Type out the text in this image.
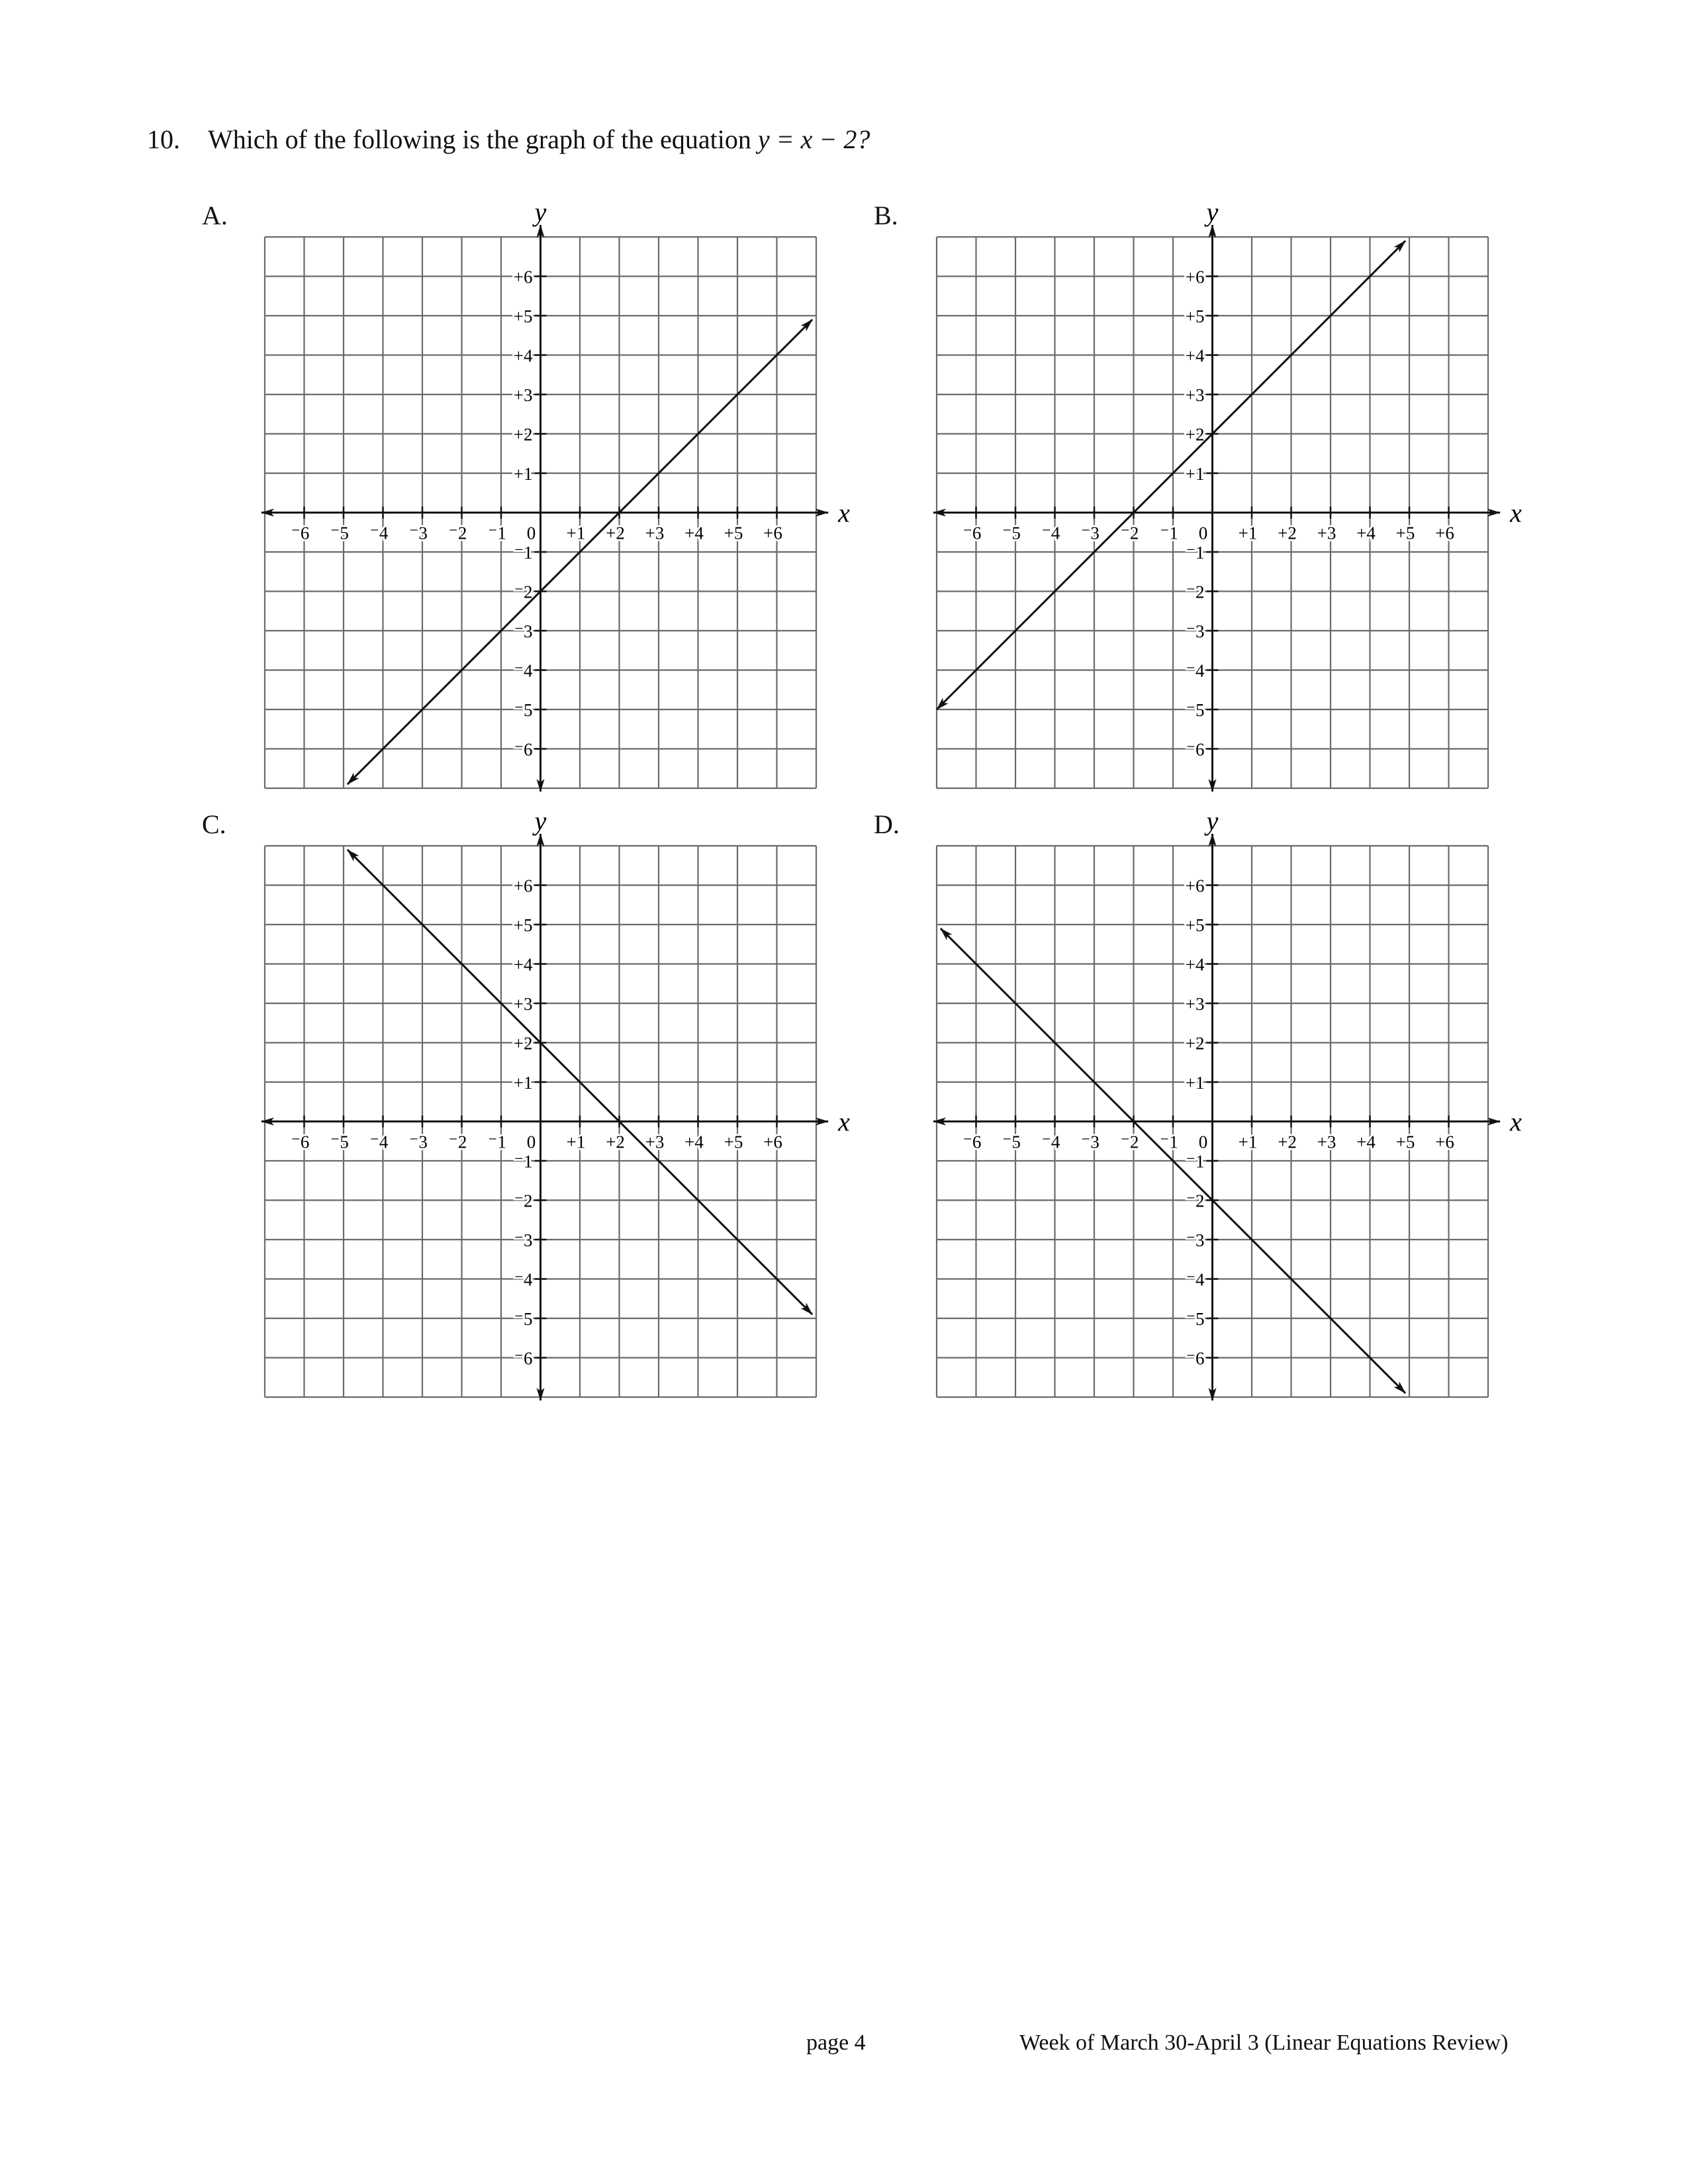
10. Which of the following is the graph of the equation y = x − 2?
A.
x
y
⁻6 ⁻5 ⁻4 ⁻3 ⁻2 ⁻1 0 +1 +2 +3 +4 +5 +6
+6
+5
+4
+3
+2
+1
⁻1
⁻2
⁻3
⁻4
⁻5
⁻6
B.
x
y
⁻6 ⁻5 ⁻4 ⁻3 ⁻2 ⁻1 0 +1 +2 +3 +4 +5 +6
+6
+5
+4
+3
+2
+1
⁻1
⁻2
⁻3
⁻4
⁻5
⁻6
C.
x
y
⁻6 ⁻5 ⁻4 ⁻3 ⁻2 ⁻1 0 +1 +2 +3 +4 +5 +6
+6
+5
+4
+3
+2
+1
⁻1
⁻2
⁻3
⁻4
⁻5
⁻6
D.
x
y
⁻6 ⁻5 ⁻4 ⁻3 ⁻2 ⁻1 0 +1 +2 +3 +4 +5 +6
+6
+5
+4
+3
+2
+1
⁻1
⁻2
⁻3
⁻4
⁻5
⁻6
page 4	Week of March 30-April 3 (Linear Equations Review)
